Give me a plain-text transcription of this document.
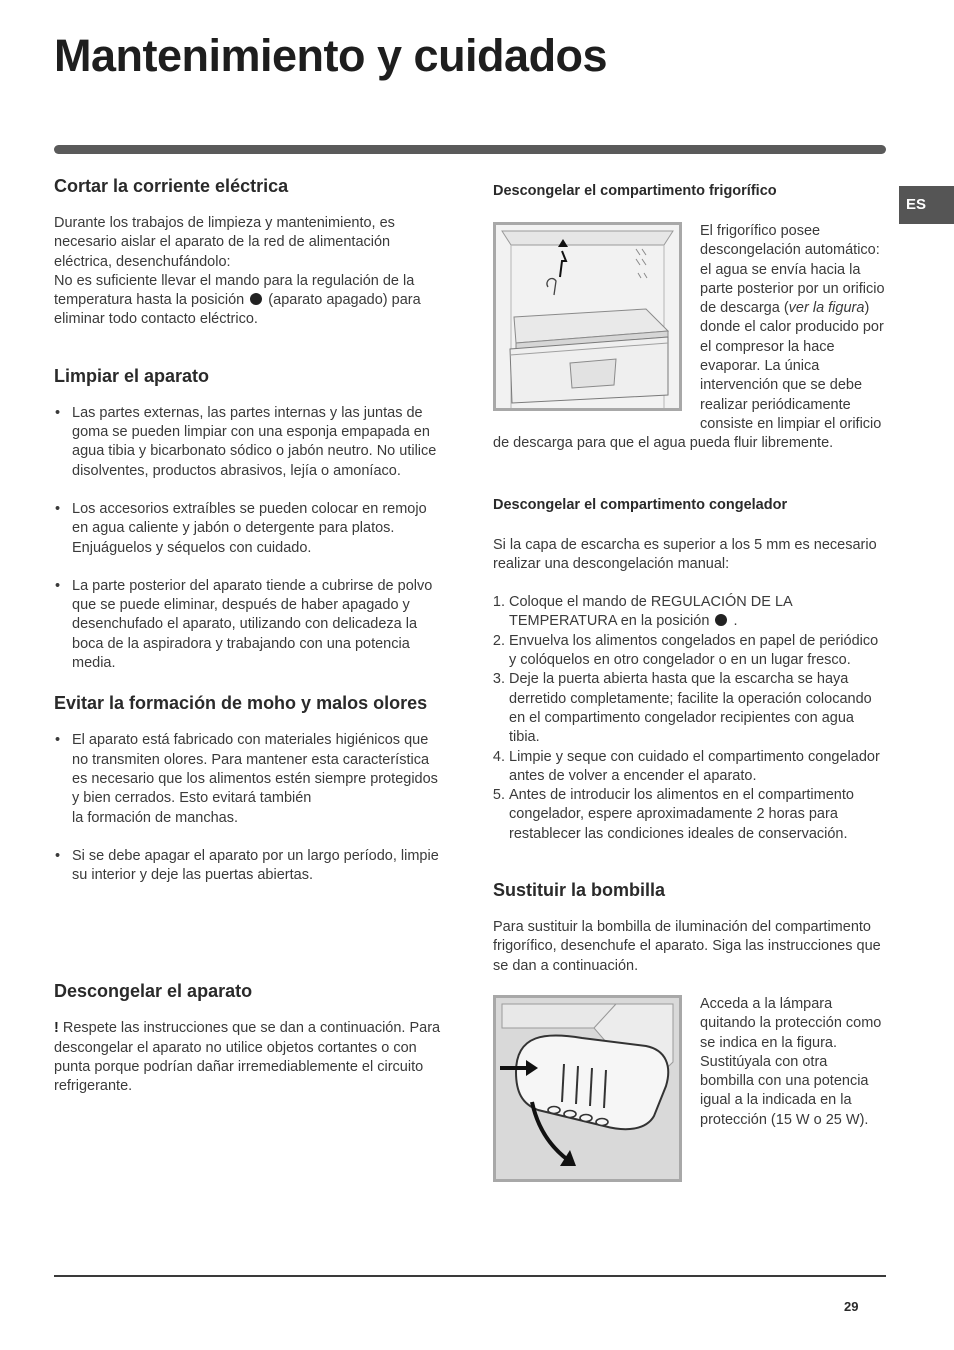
Mantenimiento y cuidados
ES
Cortar la corriente eléctrica

Durante los trabajos de limpieza y mantenimiento, es necesario aislar el aparato de la red de alimentación eléctrica, desenchufándolo:

No es suficiente llevar el mando para la regulación de la temperatura hasta la posición (aparato apagado) para eliminar todo contacto eléctrico.

Limpiar el aparato
• Las partes externas, las partes internas y las juntas de goma se pueden limpiar con una esponja empapada en agua tibia y bicarbonato sódico o jabón neutro. No utilice disolventes, productos abrasivos, lejía o amoníaco.
• Los accesorios extraíbles se pueden colocar en remojo en agua caliente y jabón o detergente para platos. Enjuáguelos y séquelos con cuidado.
• La parte posterior del aparato tiende a cubrirse de polvo que se puede eliminar, después de haber apagado y desenchufado el aparato, utilizando con delicadeza la boca de la aspiradora y trabajando con una potencia media.
Evitar la formación de moho y malos olores
• El aparato está fabricado con materiales higiénicos que no transmiten olores. Para mantener esta característica es necesario que los alimentos estén siempre protegidos y bien cerrados. Esto evitará también
la formación de manchas.
• Si se debe apagar el aparato por un largo período, limpie su interior y deje las puertas abiertas.
Descongelar el aparato

! Respete las instrucciones que se dan a continuación. Para descongelar el aparato no utilice objetos cortantes o con punta porque podrían dañar irremediablemente el circuito refrigerante.

Descongelar el compartimento frigorífico

El frigorífico posee descongelación automático: el agua se envía hacia la parte posterior por un orificio de descarga (ver la figura) donde el calor producido por el compresor la hace evaporar. La única intervención que se debe realizar periódicamente consiste en limpiar el orificio de descarga para que el agua pueda fluir libremente.

Descongelar el compartimento congelador

Si la capa de escarcha es superior a los 5 mm es necesario realizar una descongelación manual:

1. Coloque el mando de REGULACIÓN DE LA TEMPERATURA en la posición .
2. Envuelva los alimentos congelados en papel de periódico y colóquelos en otro congelador o en un lugar fresco.
3. Deje la puerta abierta hasta que la escarcha se haya derretido completamente; facilite la operación colocando en el compartimento congelador recipientes con agua tibia.
4. Limpie y seque con cuidado el compartimento congelador antes de volver a encender el aparato.
5. Antes de introducir los alimentos en el compartimento congelador, espere aproximadamente 2 horas para restablecer las condiciones ideales de conservación.
Sustituir la bombilla

Para sustituir la bombilla de iluminación del compartimento frigorífico, desenchufe el aparato. Siga las instrucciones que se dan a continuación.

Acceda a la lámpara quitando la protección como se indica en la figura. Sustitúyala con otra bombilla con una potencia igual a la indicada en la protección (15 W o 25 W).

29
